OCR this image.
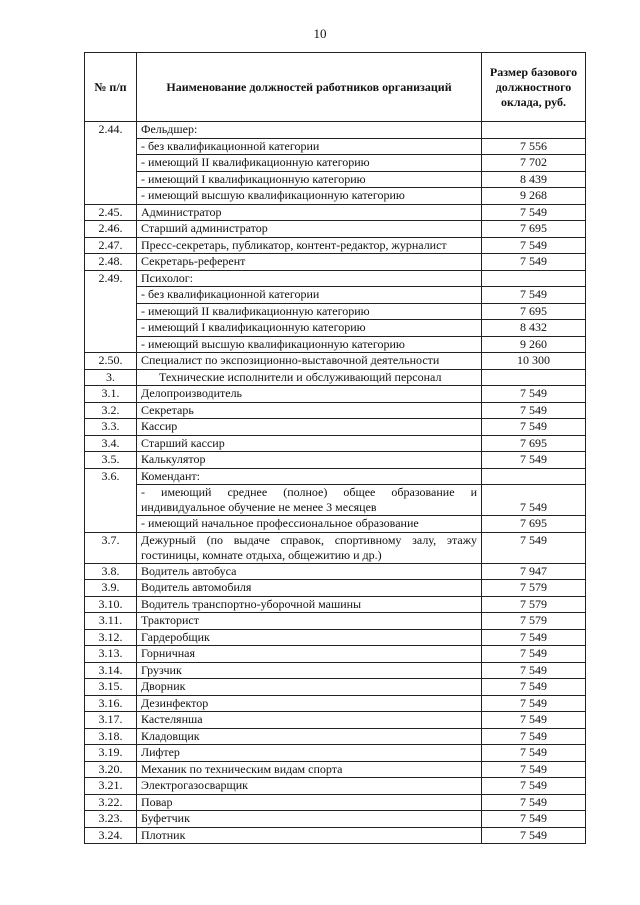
10
№ п/п	Наименование должностей работников организаций	Размер базового должностного оклада, руб.
2.44.	Фельдшер:	
	- без квалификационной категории	7 556
	- имеющий II квалификационную категорию	7 702
	- имеющий I квалификационную категорию	8 439
	- имеющий высшую квалификационную категорию	9 268
2.45.	Администратор	7 549
2.46.	Старший администратор	7 695
2.47.	Пресс-секретарь, публикатор, контент-редактор, журналист	7 549
2.48.	Секретарь-референт	7 549
2.49.	Психолог:	
	- без квалификационной категории	7 549
	- имеющий II квалификационную категорию	7 695
	- имеющий I квалификационную категорию	8 432
	- имеющий высшую квалификационную категорию	9 260
2.50.	Специалист по экспозиционно-выставочной деятельности	10 300
3.	Технические исполнители и обслуживающий персонал	
3.1.	Делопроизводитель	7 549
3.2.	Секретарь	7 549
3.3.	Кассир	7 549
3.4.	Старший кассир	7 695
3.5.	Калькулятор	7 549
3.6.	Комендант:	
	- имеющий среднее (полное) общее образование и индивидуальное обучение не менее 3 месяцев	7 549
	- имеющий начальное профессиональное образование	7 695
3.7.	Дежурный (по выдаче справок, спортивному залу, этажу гостиницы, комнате отдыха, общежитию и др.)	7 549
3.8.	Водитель автобуса	7 947
3.9.	Водитель автомобиля	7 579
3.10.	Водитель транспортно-уборочной машины	7 579
3.11.	Тракторист	7 579
3.12.	Гардеробщик	7 549
3.13.	Горничная	7 549
3.14.	Грузчик	7 549
3.15.	Дворник	7 549
3.16.	Дезинфектор	7 549
3.17.	Кастелянша	7 549
3.18.	Кладовщик	7 549
3.19.	Лифтер	7 549
3.20.	Механик по техническим видам спорта	7 549
3.21.	Электрогазосварщик	7 549
3.22.	Повар	7 549
3.23.	Буфетчик	7 549
3.24.	Плотник	7 549
